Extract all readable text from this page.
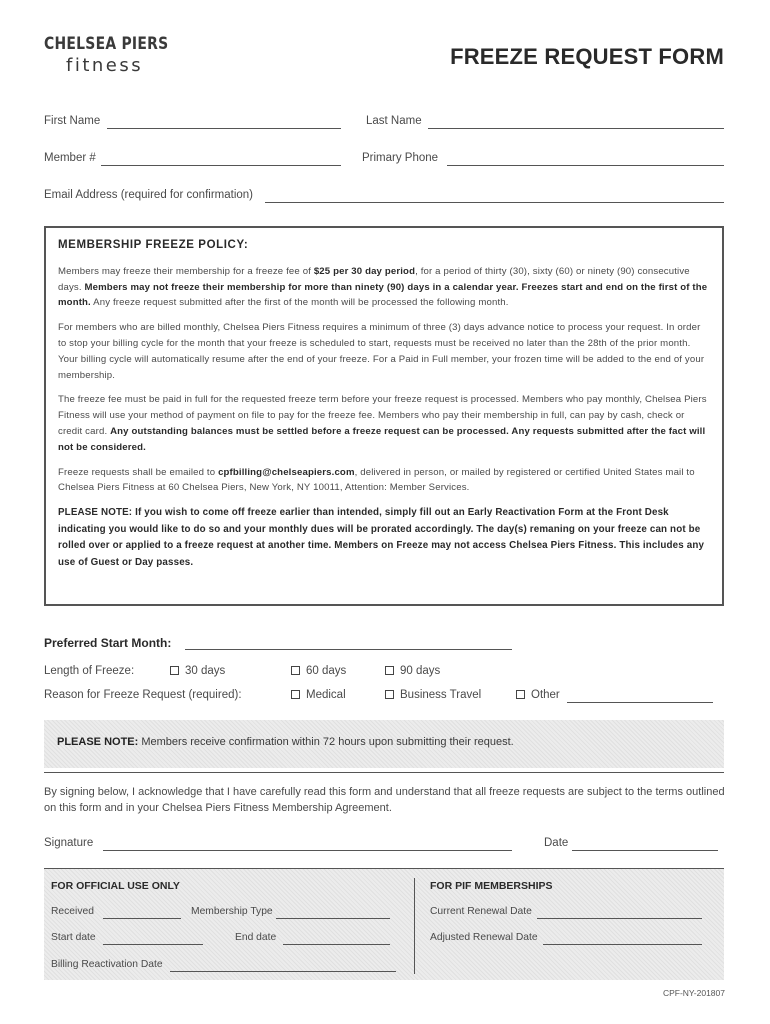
CHELSEA PIERS
fitness	FREEZE REQUEST FORM
First Name	Last Name
Member #	Primary Phone
Email Address (required for confirmation)
MEMBERSHIP FREEZE POLICY:

Members may freeze their membership for a freeze fee of $25 per 30 day period, for a period of thirty (30), sixty (60) or ninety (90) consecutive days. Members may not freeze their membership for more than ninety (90) days in a calendar year. Freezes start and end on the first of the month. Any freeze request submitted after the first of the month will be processed the following month.

For members who are billed monthly, Chelsea Piers Fitness requires a minimum of three (3) days advance notice to process your request. In order to stop your billing cycle for the month that your freeze is scheduled to start, requests must be received no later than the 28th of the prior month. Your billing cycle will automatically resume after the end of your freeze. For a Paid in Full member, your frozen time will be added to the end of your membership.

The freeze fee must be paid in full for the requested freeze term before your freeze request is processed. Members who pay monthly, Chelsea Piers Fitness will use your method of payment on file to pay for the freeze fee. Members who pay their membership in full, can pay by cash, check or credit card. Any outstanding balances must be settled before a freeze request can be processed. Any requests submitted after the fact will not be considered.

Freeze requests shall be emailed to cpfbilling@chelseapiers.com, delivered in person, or mailed by registered or certified United States mail to Chelsea Piers Fitness at 60 Chelsea Piers, New York, NY 10011, Attention: Member Services.

PLEASE NOTE: If you wish to come off freeze earlier than intended, simply fill out an Early Reactivation Form at the Front Desk indicating you would like to do so and your monthly dues will be prorated accordingly. The day(s) remaning on your freeze can not be rolled over or applied to a freeze request at another time. Members on Freeze may not access Chelsea Piers Fitness. This includes any use of Guest or Day passes.

Preferred Start Month:
Length of Freeze:	30 days	60 days	90 days
Reason for Freeze Request (required):	Medical	Business Travel	Other
PLEASE NOTE: Members receive confirmation within 72 hours upon submitting their request.
By signing below, I acknowledge that I have carefully read this form and understand that all freeze requests are subject to the terms outlined on this form and in your Chelsea Piers Fitness Membership Agreement.
Signature	Date
FOR OFFICIAL USE ONLY
Received	Membership Type
Start date	End date
Billing Reactivation Date
FOR PIF MEMBERSHIPS
Current Renewal Date
Adjusted Renewal Date
CPF-NY-201807
